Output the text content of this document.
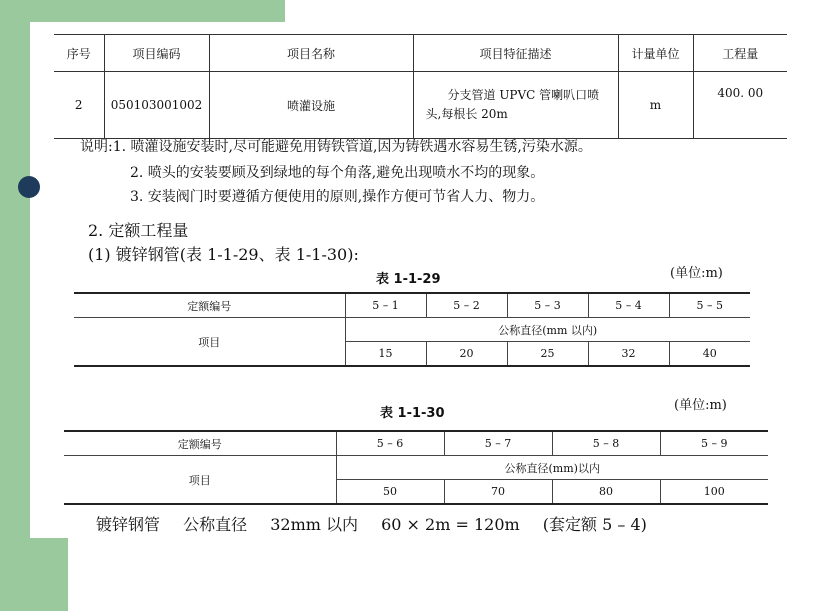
序号	项目编码	项目名称	项目特征描述	计量单位	工程量
2	050103001002	喷灌设施	分支管道 UPVC 管喇叭口喷
头,每根长 20m	m	400. 00
说明:1. 喷灌设施安装时,尽可能避免用铸铁管道,因为铸铁遇水容易生锈,污染水源。
2. 喷头的安装要顾及到绿地的每个角落,避免出现喷水不均的现象。
3. 安装阀门时要遵循方便使用的原则,操作方便可节省人力、物力。
2. 定额工程量
(1) 镀锌钢管(表 1-1-29、表 1-1-30):
表 1-1-29	(单位:m)
定额编号	5 – 1	5 – 2	5 – 3	5 – 4	5 – 5
项目	公称直径(mm 以内)				
	15	20	25	32	40
表 1-1-30
(单位:m)
定额编号	5 – 6	5 – 7	5 – 8	5 – 9
项目	公称直径(mm)以内			
	50	70	80	100
镀锌钢管 公称直径 32mm 以内 60 × 2m = 120m (套定额 5 – 4)
